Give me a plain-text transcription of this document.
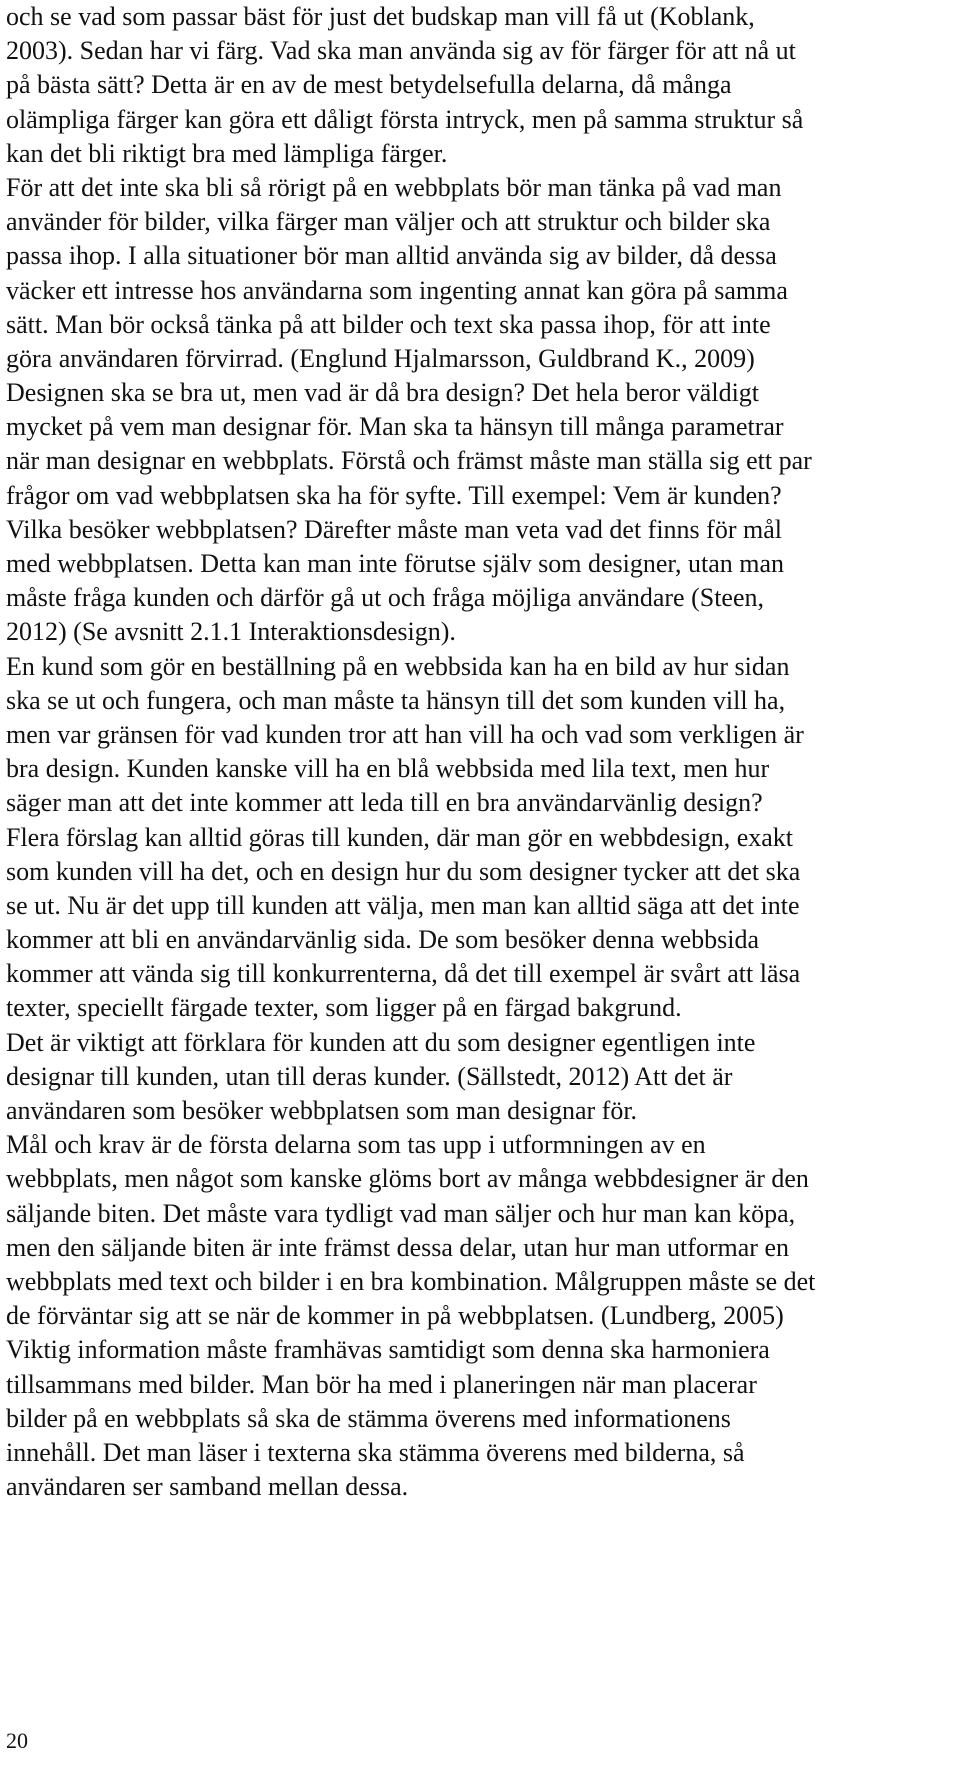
och se vad som passar bäst för just det budskap man vill få ut (Koblank,
2003). Sedan har vi färg. Vad ska man använda sig av för färger för att nå ut
på bästa sätt? Detta är en av de mest betydelsefulla delarna, då många
olämpliga färger kan göra ett dåligt första intryck, men på samma struktur så
kan det bli riktigt bra med lämpliga färger.

För att det inte ska bli så rörigt på en webbplats bör man tänka på vad man
använder för bilder, vilka färger man väljer och att struktur och bilder ska
passa ihop. I alla situationer bör man alltid använda sig av bilder, då dessa
väcker ett intresse hos användarna som ingenting annat kan göra på samma
sätt. Man bör också tänka på att bilder och text ska passa ihop, för att inte
göra användaren förvirrad. (Englund Hjalmarsson, Guldbrand K., 2009)

Designen ska se bra ut, men vad är då bra design? Det hela beror väldigt
mycket på vem man designar för. Man ska ta hänsyn till många parametrar
när man designar en webbplats. Förstå och främst måste man ställa sig ett par
frågor om vad webbplatsen ska ha för syfte. Till exempel: Vem är kunden?
Vilka besöker webbplatsen? Därefter måste man veta vad det finns för mål
med webbplatsen. Detta kan man inte förutse själv som designer, utan man
måste fråga kunden och därför gå ut och fråga möjliga användare (Steen,
2012) (Se avsnitt 2.1.1 Interaktionsdesign).

En kund som gör en beställning på en webbsida kan ha en bild av hur sidan
ska se ut och fungera, och man måste ta hänsyn till det som kunden vill ha,
men var gränsen för vad kunden tror att han vill ha och vad som verkligen är
bra design. Kunden kanske vill ha en blå webbsida med lila text, men hur
säger man att det inte kommer att leda till en bra användarvänlig design?
Flera förslag kan alltid göras till kunden, där man gör en webbdesign, exakt
som kunden vill ha det, och en design hur du som designer tycker att det ska
se ut. Nu är det upp till kunden att välja, men man kan alltid säga att det inte
kommer att bli en användarvänlig sida. De som besöker denna webbsida
kommer att vända sig till konkurrenterna, då det till exempel är svårt att läsa
texter, speciellt färgade texter, som ligger på en färgad bakgrund.

Det är viktigt att förklara för kunden att du som designer egentligen inte
designar till kunden, utan till deras kunder. (Sällstedt, 2012) Att det är
användaren som besöker webbplatsen som man designar för.

Mål och krav är de första delarna som tas upp i utformningen av en
webbplats, men något som kanske glöms bort av många webbdesigner är den
säljande biten. Det måste vara tydligt vad man säljer och hur man kan köpa,
men den säljande biten är inte främst dessa delar, utan hur man utformar en
webbplats med text och bilder i en bra kombination. Målgruppen måste se det
de förväntar sig att se när de kommer in på webbplatsen. (Lundberg, 2005)

Viktig information måste framhävas samtidigt som denna ska harmoniera
tillsammans med bilder. Man bör ha med i planeringen när man placerar
bilder på en webbplats så ska de stämma överens med informationens
innehåll. Det man läser i texterna ska stämma överens med bilderna, så
användaren ser samband mellan dessa.

20
